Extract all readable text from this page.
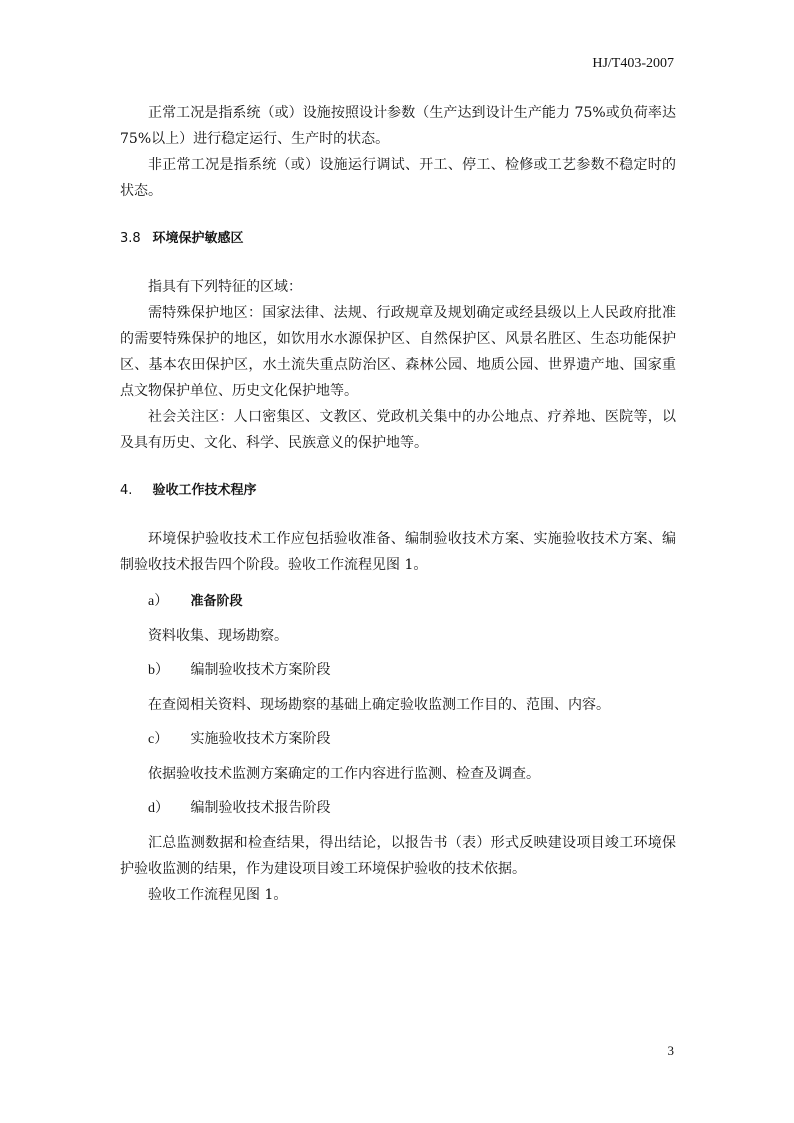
HJ/T403-2007

正常工况是指系统（或）设施按照设计参数（生产达到设计生产能力 75%或负荷率达75%以上）进行稳定运行、生产时的状态。

非正常工况是指系统（或）设施运行调试、开工、停工、检修或工艺参数不稳定时的状态。

3.8 环境保护敏感区

指具有下列特征的区域：

需特殊保护地区：国家法律、法规、行政规章及规划确定或经县级以上人民政府批准的需要特殊保护的地区，如饮用水水源保护区、自然保护区、风景名胜区、生态功能保护区、基本农田保护区，水土流失重点防治区、森林公园、地质公园、世界遗产地、国家重点文物保护单位、历史文化保护地等。

社会关注区：人口密集区、文教区、党政机关集中的办公地点、疗养地、医院等，以及具有历史、文化、科学、民族意义的保护地等。

4. 验收工作技术程序

环境保护验收技术工作应包括验收准备、编制验收技术方案、实施验收技术方案、编制验收技术报告四个阶段。验收工作流程见图 1。

a） 准备阶段

资料收集、现场勘察。

b） 编制验收技术方案阶段

在查阅相关资料、现场勘察的基础上确定验收监测工作目的、范围、内容。

c） 实施验收技术方案阶段

依据验收技术监测方案确定的工作内容进行监测、检查及调查。

d） 编制验收技术报告阶段

汇总监测数据和检查结果，得出结论，以报告书（表）形式反映建设项目竣工环境保护验收监测的结果，作为建设项目竣工环境保护验收的技术依据。

验收工作流程见图 1。

3
